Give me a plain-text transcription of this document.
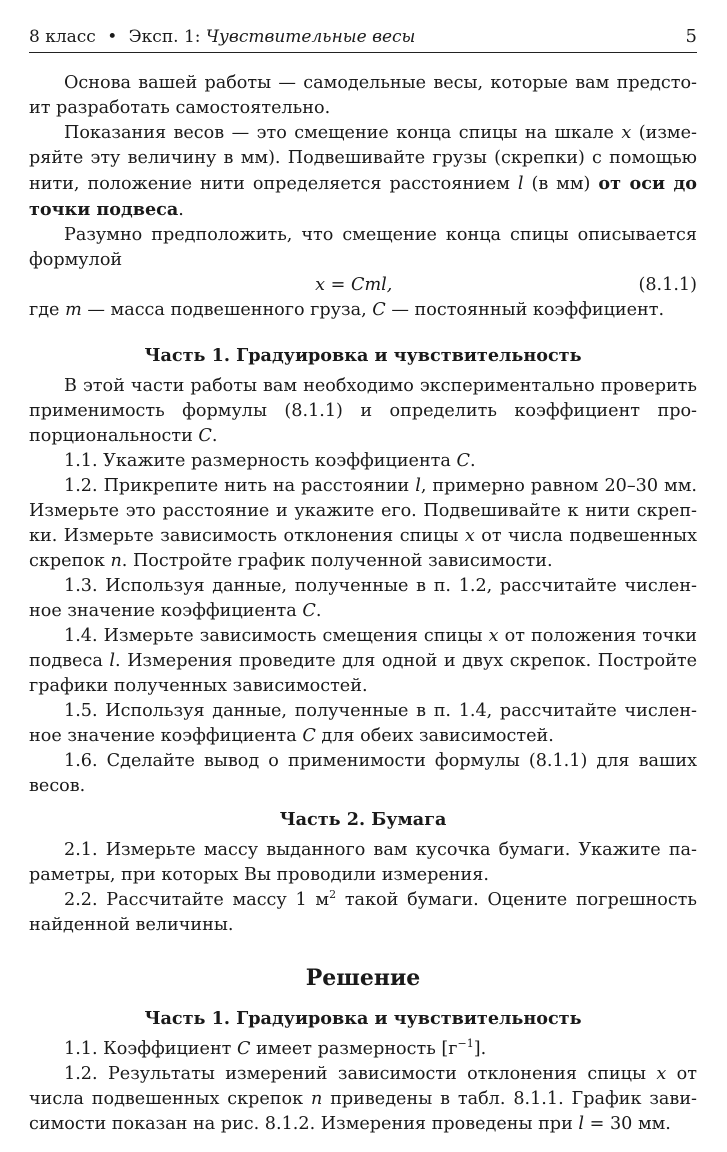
8 класс • Эксп. 1: Чувствительные весы	5

Основа вашей работы — самодельные весы, которые вам предстоит разработать самостоятельно.

Показания весов — это смещение конца спицы на шкале x (измеряйте эту величину в мм). Подвешивайте грузы (скрепки) с помощью нити, положение нити определяется расстоянием l (в мм) от оси до точки подвеса.

Разумно предположить, что смещение конца спицы описывается формулой

x = Cml,	(8.1.1)

где m — масса подвешенного груза, C — постоянный коэффициент.

Часть 1. Градуировка и чувствительность

В этой части работы вам необходимо экспериментально проверить применимость формулы (8.1.1) и определить коэффициент пропорциональности C.

1.1. Укажите размерность коэффициента C.

1.2. Прикрепите нить на расстоянии l, примерно равном 20–30 мм. Измерьте это расстояние и укажите его. Подвешивайте к нити скрепки. Измерьте зависимость отклонения спицы x от числа подвешенных скрепок n. Постройте график полученной зависимости.

1.3. Используя данные, полученные в п. 1.2, рассчитайте численное значение коэффициента C.

1.4. Измерьте зависимость смещения спицы x от положения точки подвеса l. Измерения проведите для одной и двух скрепок. Постройте графики полученных зависимостей.

1.5. Используя данные, полученные в п. 1.4, рассчитайте численное значение коэффициента C для обеих зависимостей.

1.6. Сделайте вывод о применимости формулы (8.1.1) для ваших весов.

Часть 2. Бумага

2.1. Измерьте массу выданного вам кусочка бумаги. Укажите параметры, при которых Вы проводили измерения.

2.2. Рассчитайте массу 1 $м^2$ такой бумаги. Оцените погрешность найденной величины.

Решение
Часть 1. Градуировка и чувствительность

1.1. Коэффициент C имеет размерность $[г^{-1}]$.

1.2. Результаты измерений зависимости отклонения спицы x от числа подвешенных скрепок n приведены в табл. 8.1.1. График зависимости показан на рис. 8.1.2. Измерения проведены при l = 30 мм.
